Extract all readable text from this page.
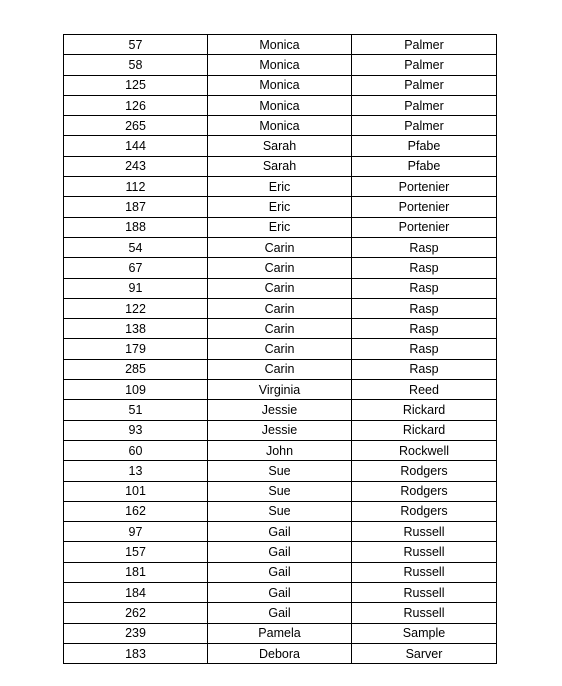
57	Monica	Palmer
58	Monica	Palmer
125	Monica	Palmer
126	Monica	Palmer
265	Monica	Palmer
144	Sarah	Pfabe
243	Sarah	Pfabe
112	Eric	Portenier
187	Eric	Portenier
188	Eric	Portenier
54	Carin	Rasp
67	Carin	Rasp
91	Carin	Rasp
122	Carin	Rasp
138	Carin	Rasp
179	Carin	Rasp
285	Carin	Rasp
109	Virginia	Reed
51	Jessie	Rickard
93	Jessie	Rickard
60	John	Rockwell
13	Sue	Rodgers
101	Sue	Rodgers
162	Sue	Rodgers
97	Gail	Russell
157	Gail	Russell
181	Gail	Russell
184	Gail	Russell
262	Gail	Russell
239	Pamela	Sample
183	Debora	Sarver
